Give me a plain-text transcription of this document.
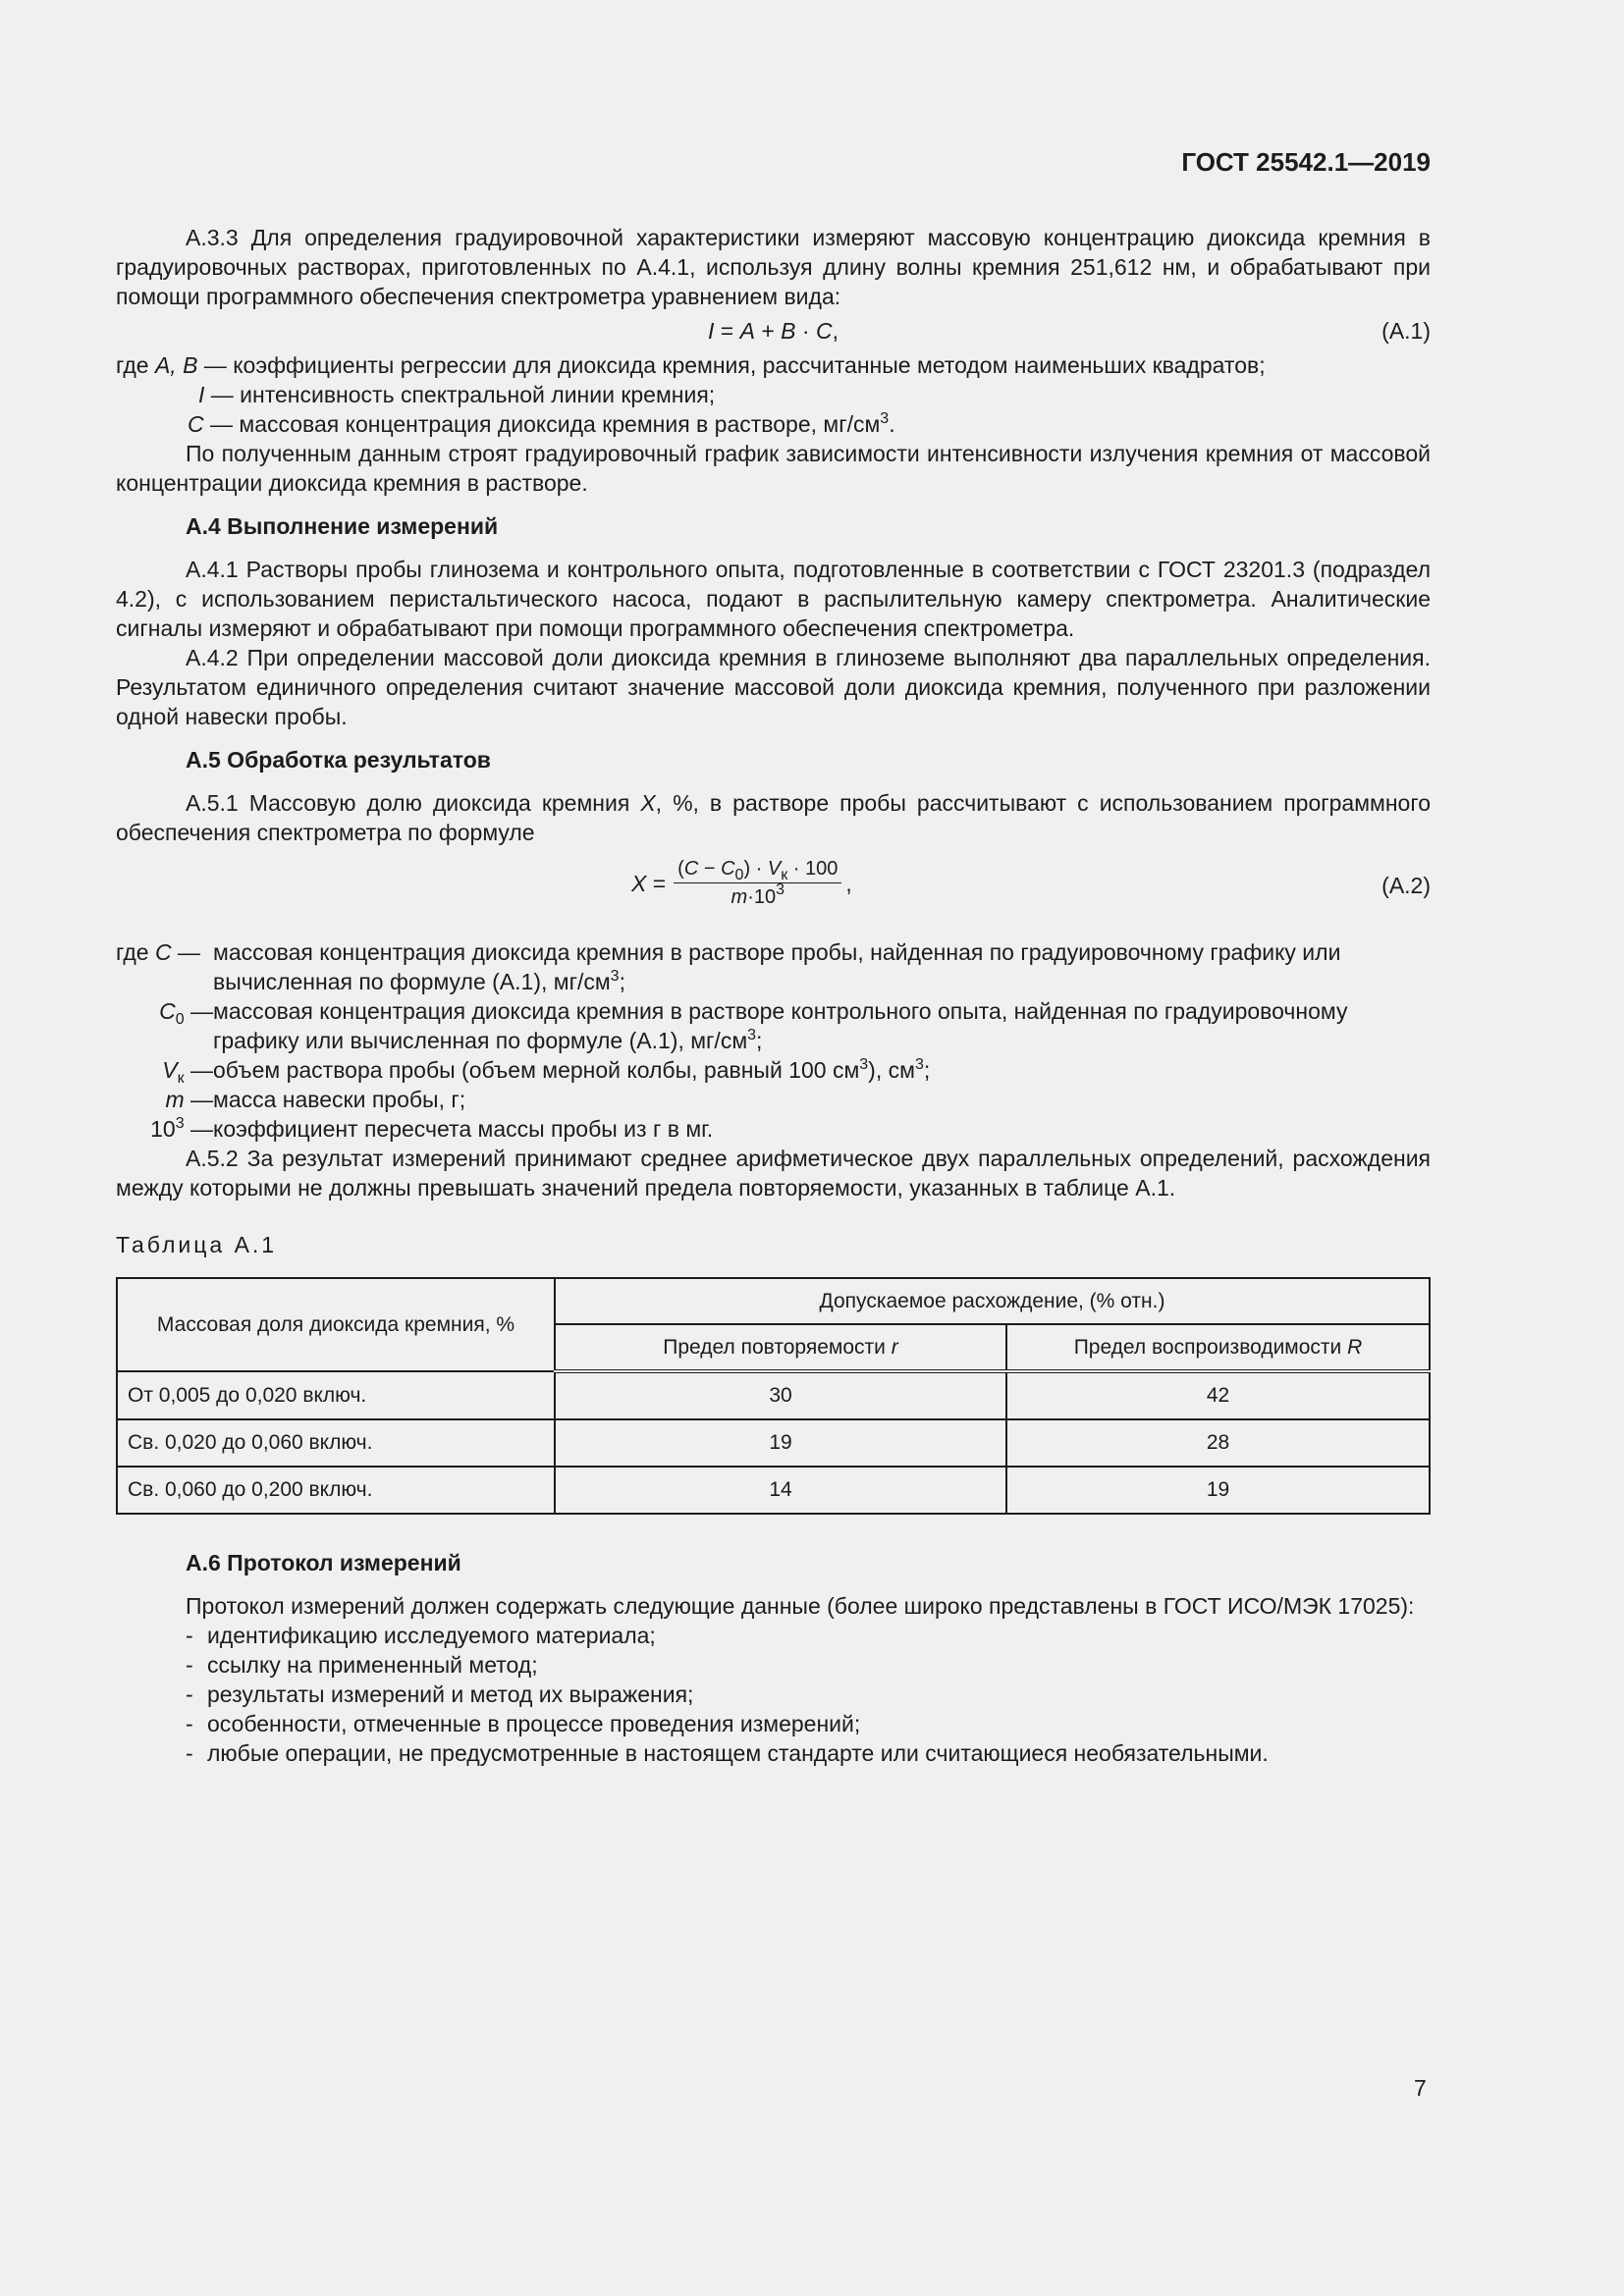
ГОСТ 25542.1—2019

А.3.3 Для определения градуировочной характеристики измеряют массовую концентрацию диоксида кремния в градуировочных растворах, приготовленных по А.4.1, используя длину волны кремния 251,612 нм, и обрабатывают при помощи программного обеспечения спектрометра уравнением вида:

I = A + B · C,	(А.1)

где A, B — коэффициенты регрессии для диоксида кремния, рассчитанные методом наименьших квадратов;

I — интенсивность спектральной линии кремния;

C — массовая концентрация диоксида кремния в растворе, $мг/см^3$.

По полученным данным строят градуировочный график зависимости интенсивности излучения кремния от массовой концентрации диоксида кремния в растворе.

А.4 Выполнение измерений

А.4.1 Растворы пробы глинозема и контрольного опыта, подготовленные в соответствии с ГОСТ 23201.3 (подраздел 4.2), с использованием перистальтического насоса, подают в распылительную камеру спектрометра. Аналитические сигналы измеряют и обрабатывают при помощи программного обеспечения спектрометра.

А.4.2 При определении массовой доли диоксида кремния в глиноземе выполняют два параллельных определения. Результатом единичного определения считают значение массовой доли диоксида кремния, полученного при разложении одной навески пробы.

А.5 Обработка результатов

А.5.1 Массовую долю диоксида кремния X, %, в растворе пробы рассчитывают с использованием программного обеспечения спектрометра по формуле

$X = \frac{(C - C_0) \cdot V_к \cdot 100}{m\cdot 10^3}$ ,	(А.2)
где C — массовая концентрация диоксида кремния в растворе пробы, найденная по градуировочному графику или
вычисленная по формуле (А.1), $мг/см^3$;
$C_0$ — массовая концентрация диоксида кремния в растворе контрольного опыта, найденная по градуировочному
графику или вычисленная по формуле (А.1), $мг/см^3$;
$V_к$ — объем раствора пробы (объем мерной колбы, равный 100 $см^3$), $см^3$;
m — масса навески пробы, г;
$10^3$ — коэффициент пересчета массы пробы из г в мг.

А.5.2 За результат измерений принимают среднее арифметическое двух параллельных определений, расхождения между которыми не должны превышать значений предела повторяемости, указанных в таблице А.1.

Таблица А.1

Массовая доля диоксида кремния, %	Допускаемое расхождение, (% отн.)	
	Предел повторяемости r	Предел воспроизводимости R
От 0,005 до 0,020 включ.	30	42
Св. 0,020 до 0,060 включ.	19	28
Св. 0,060 до 0,200 включ.	14	19

А.6 Протокол измерений

Протокол измерений должен содержать следующие данные (более широко представлены в ГОСТ ИСО/МЭК 17025):

- идентификацию исследуемого материала;
- ссылку на примененный метод;
- результаты измерений и метод их выражения;
- особенности, отмеченные в процессе проведения измерений;
- любые операции, не предусмотренные в настоящем стандарте или считающиеся необязательными.
7
